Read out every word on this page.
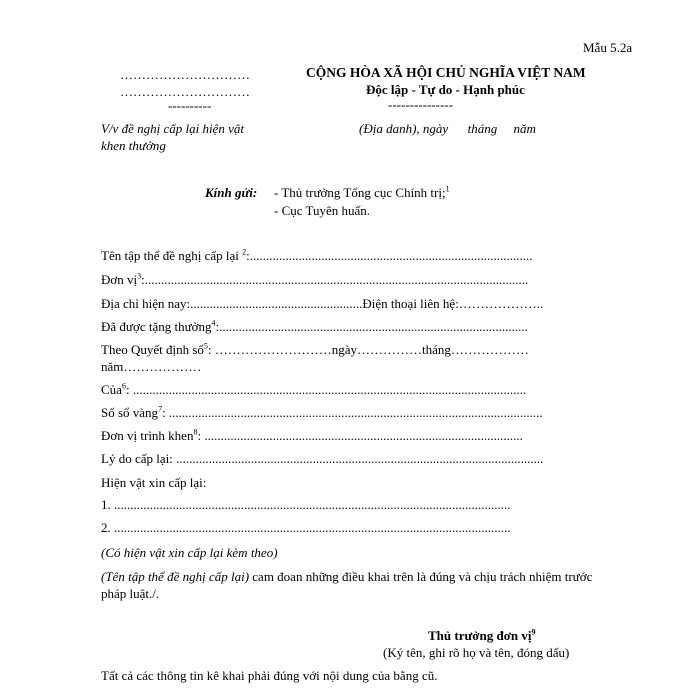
Mẫu 5.2a
…………………………
…………………………
----------
V/v đề nghị cấp lại hiện vật
khen thưởng
CỘNG HÒA XÃ HỘI CHỦ NGHĨA VIỆT NAM
Độc lập - Tự do - Hạnh phúc
---------------
(Địa danh), ngày      tháng     năm
Kính gửi: - Thủ trưởng Tổng cục Chính trị;$^1$
- Cục Tuyên huấn.
Tên tập thể đề nghị cấp lại $^2$:.......................................................................................
Đơn vị$^3$:......................................................................................................................
Địa chỉ hiện nay:.....................................................Điện thoại liên hệ:………………..
Đã được tặng thưởng$^4$:...............................................................................................
Theo Quyết định số$^5$: ………………………ngày……………tháng………………
năm………………
Của$^6$: .........................................................................................................................
Số sổ vàng$^7$: ...................................................................................................................
Đơn vị trình khen$^8$: ..................................................................................................
Lý do cấp lại: .................................................................................................................
Hiện vật xin cấp lại:
1. ..........................................................................................................................
2. ..........................................................................................................................
(Có hiện vật xin cấp lại kèm theo)
(Tên tập thể đề nghị cấp lại) cam đoan những điều khai trên là đúng và chịu trách nhiệm trước
pháp luật./.
Thủ trưởng đơn vị$^9$
(Ký tên, ghi rõ họ và tên, đóng dấu)
Tất cả các thông tin kê khai phải đúng với nội dung của bằng cũ.
